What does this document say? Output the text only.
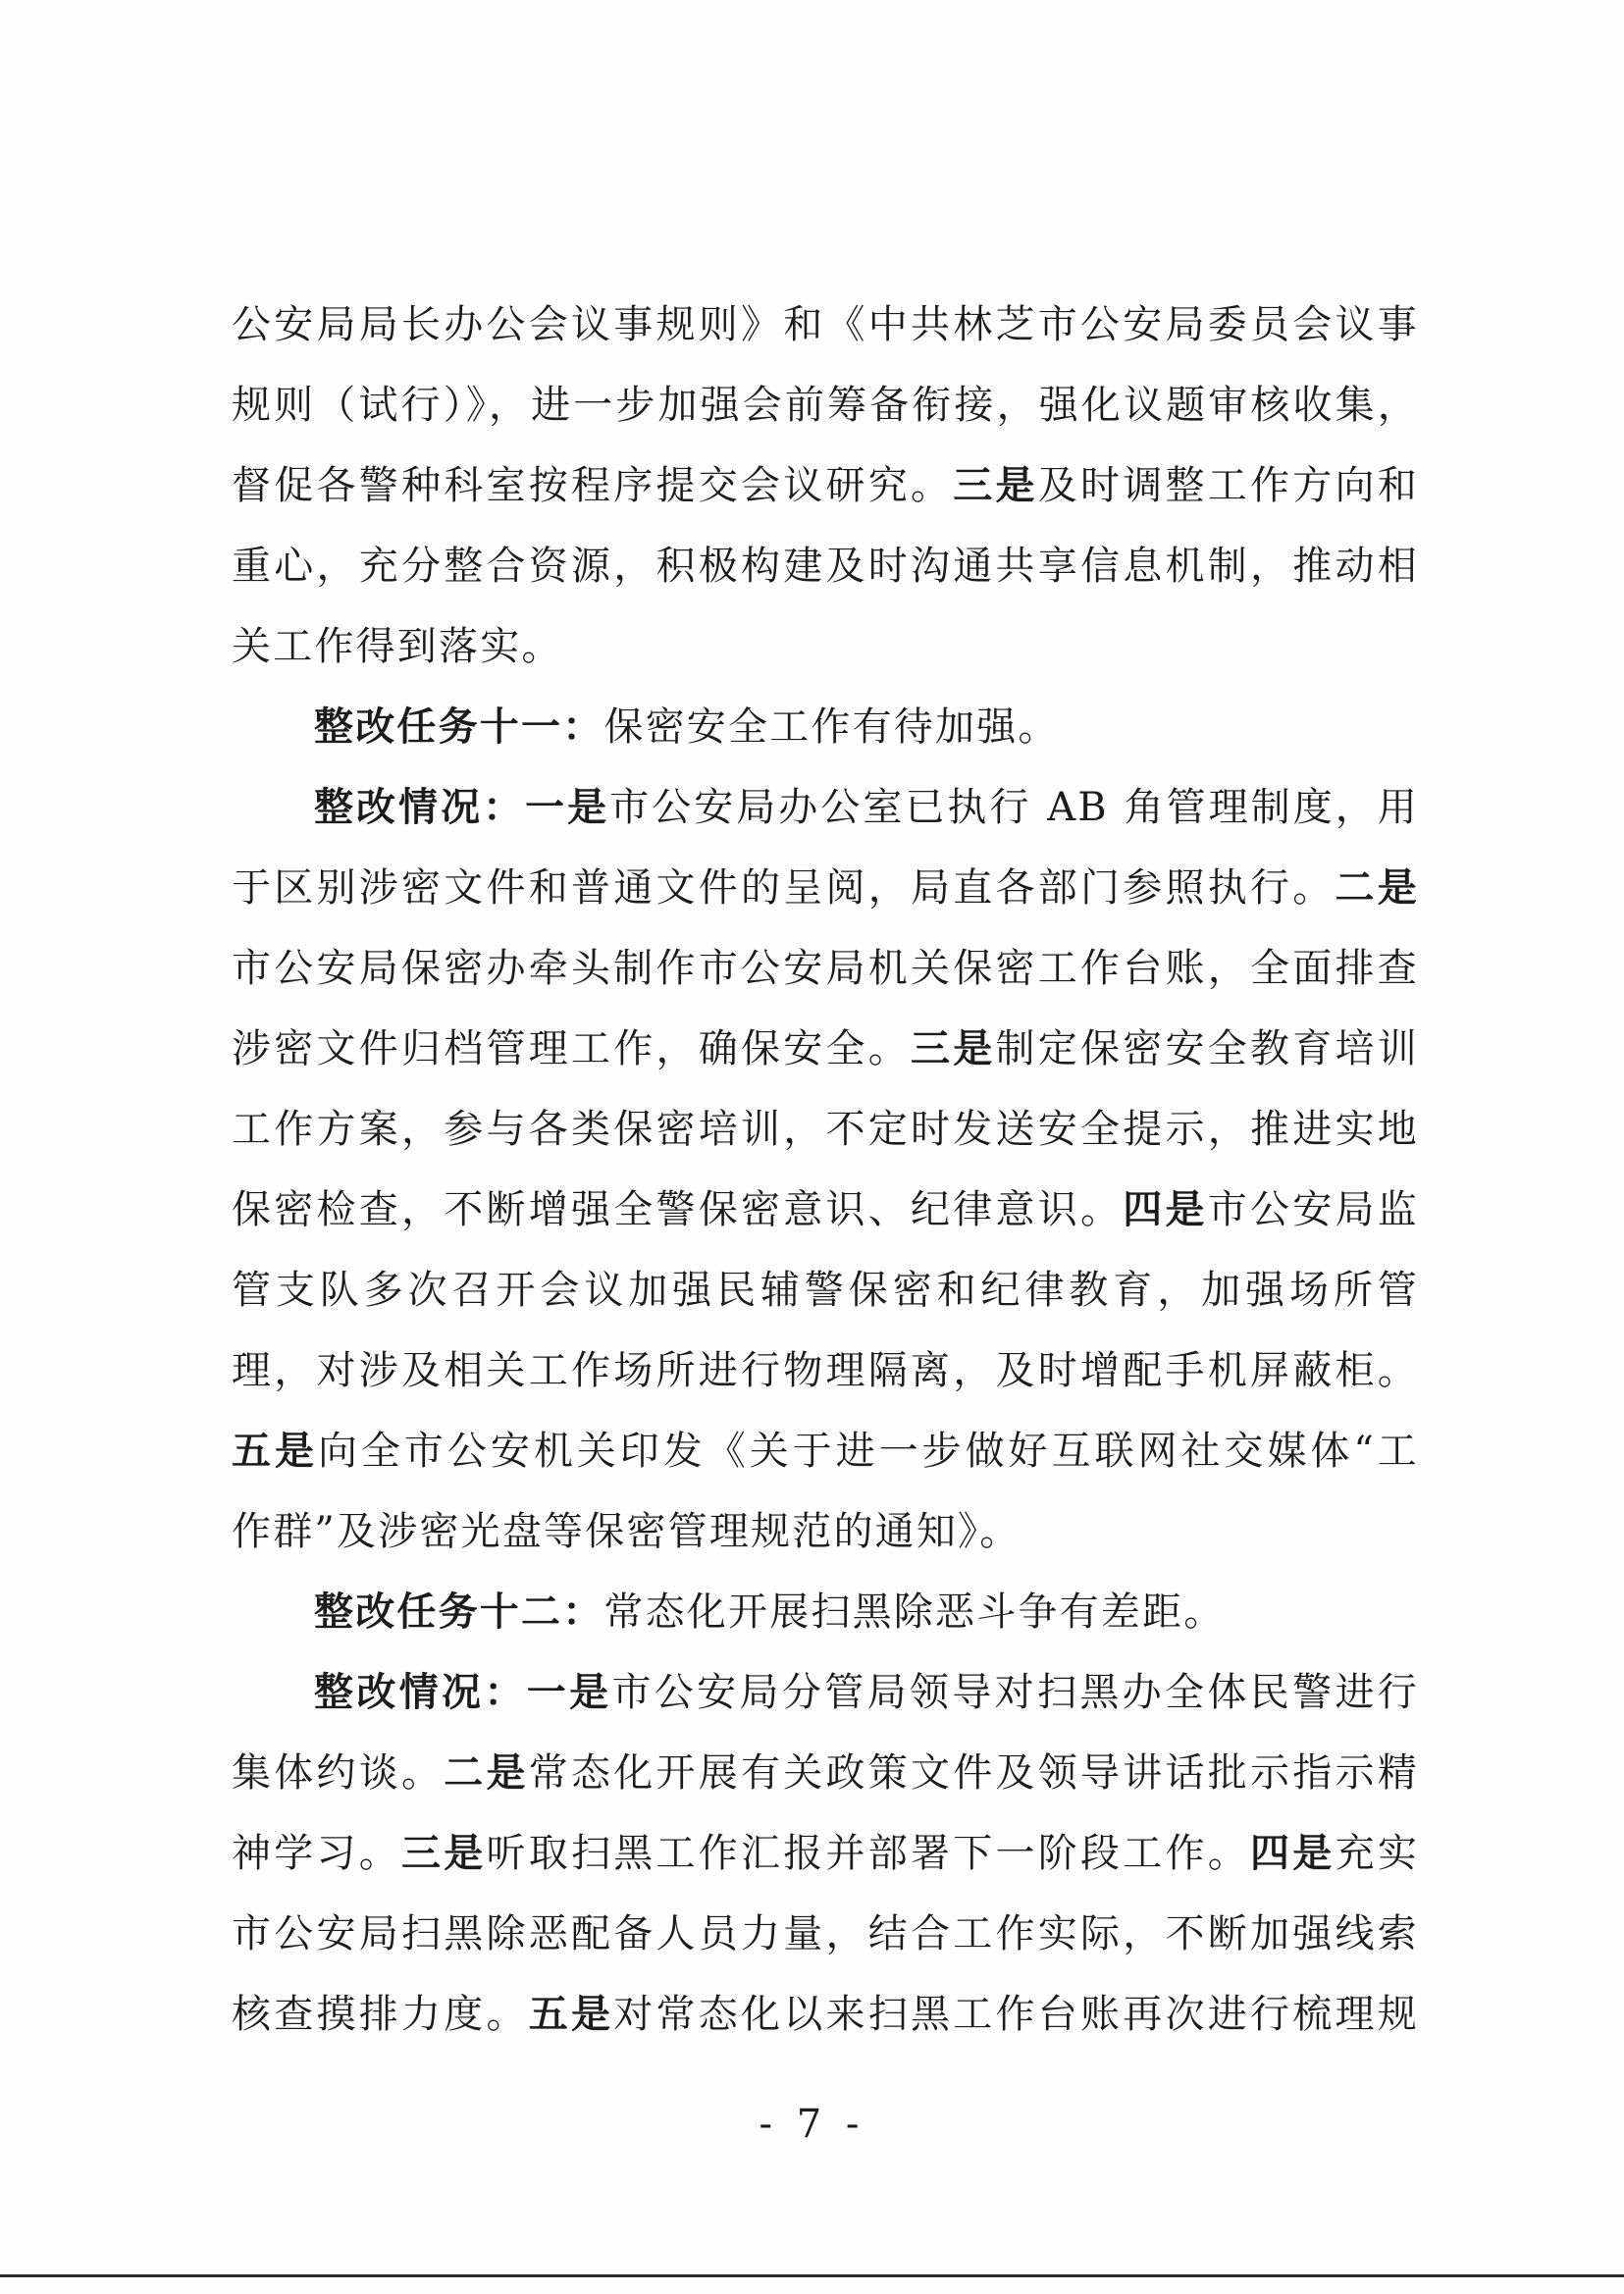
公安局局长办公会议事规则》和《中共林芝市公安局委员会议事
规则（试行）》，进一步加强会前筹备衔接，强化议题审核收集，
督促各警种科室按程序提交会议研究。三是及时调整工作方向和
重心，充分整合资源，积极构建及时沟通共享信息机制，推动相
关工作得到落实。
整改任务十一：保密安全工作有待加强。
整改情况：一是市公安局办公室已执行 AB 角管理制度，用
于区别涉密文件和普通文件的呈阅，局直各部门参照执行。二是
市公安局保密办牵头制作市公安局机关保密工作台账，全面排查
涉密文件归档管理工作，确保安全。三是制定保密安全教育培训
工作方案，参与各类保密培训，不定时发送安全提示，推进实地
保密检查，不断增强全警保密意识、纪律意识。四是市公安局监
管支队多次召开会议加强民辅警保密和纪律教育，加强场所管
理，对涉及相关工作场所进行物理隔离，及时增配手机屏蔽柜。
五是向全市公安机关印发《关于进一步做好互联网社交媒体“工
作群”及涉密光盘等保密管理规范的通知》。
整改任务十二：常态化开展扫黑除恶斗争有差距。
整改情况：一是市公安局分管局领导对扫黑办全体民警进行
集体约谈。二是常态化开展有关政策文件及领导讲话批示指示精
神学习。三是听取扫黑工作汇报并部署下一阶段工作。四是充实
市公安局扫黑除恶配备人员力量，结合工作实际，不断加强线索
核查摸排力度。五是对常态化以来扫黑工作台账再次进行梳理规
- 7 -
